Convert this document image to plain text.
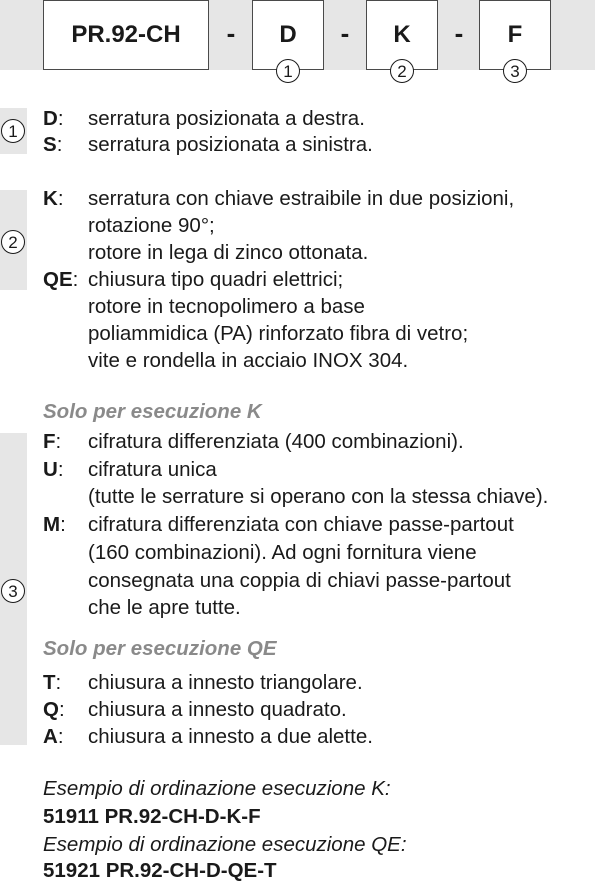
PR.92-CH	-	D	-	K	-	F
1	2	3
1
2
3
D: serratura posizionata a destra.
S: serratura posizionata a sinistra.
K: serratura con chiave estraibile in due posizioni,
rotazione 90°;
rotore in lega di zinco ottonata.
QE: chiusura tipo quadri elettrici;
rotore in tecnopolimero a base
poliammidica (PA) rinforzato fibra di vetro;
vite e rondella in acciaio INOX 304.
Solo per esecuzione K
F: cifratura differenziata (400 combinazioni).
U: cifratura unica
(tutte le serrature si operano con la stessa chiave).
M: cifratura differenziata con chiave passe-partout
(160 combinazioni). Ad ogni fornitura viene
consegnata una coppia di chiavi passe-partout
che le apre tutte.
Solo per esecuzione QE
T: chiusura a innesto triangolare.
Q: chiusura a innesto quadrato.
A: chiusura a innesto a due alette.
Esempio di ordinazione esecuzione K:
51911 PR.92-CH-D-K-F
Esempio di ordinazione esecuzione QE:
51921 PR.92-CH-D-QE-T
